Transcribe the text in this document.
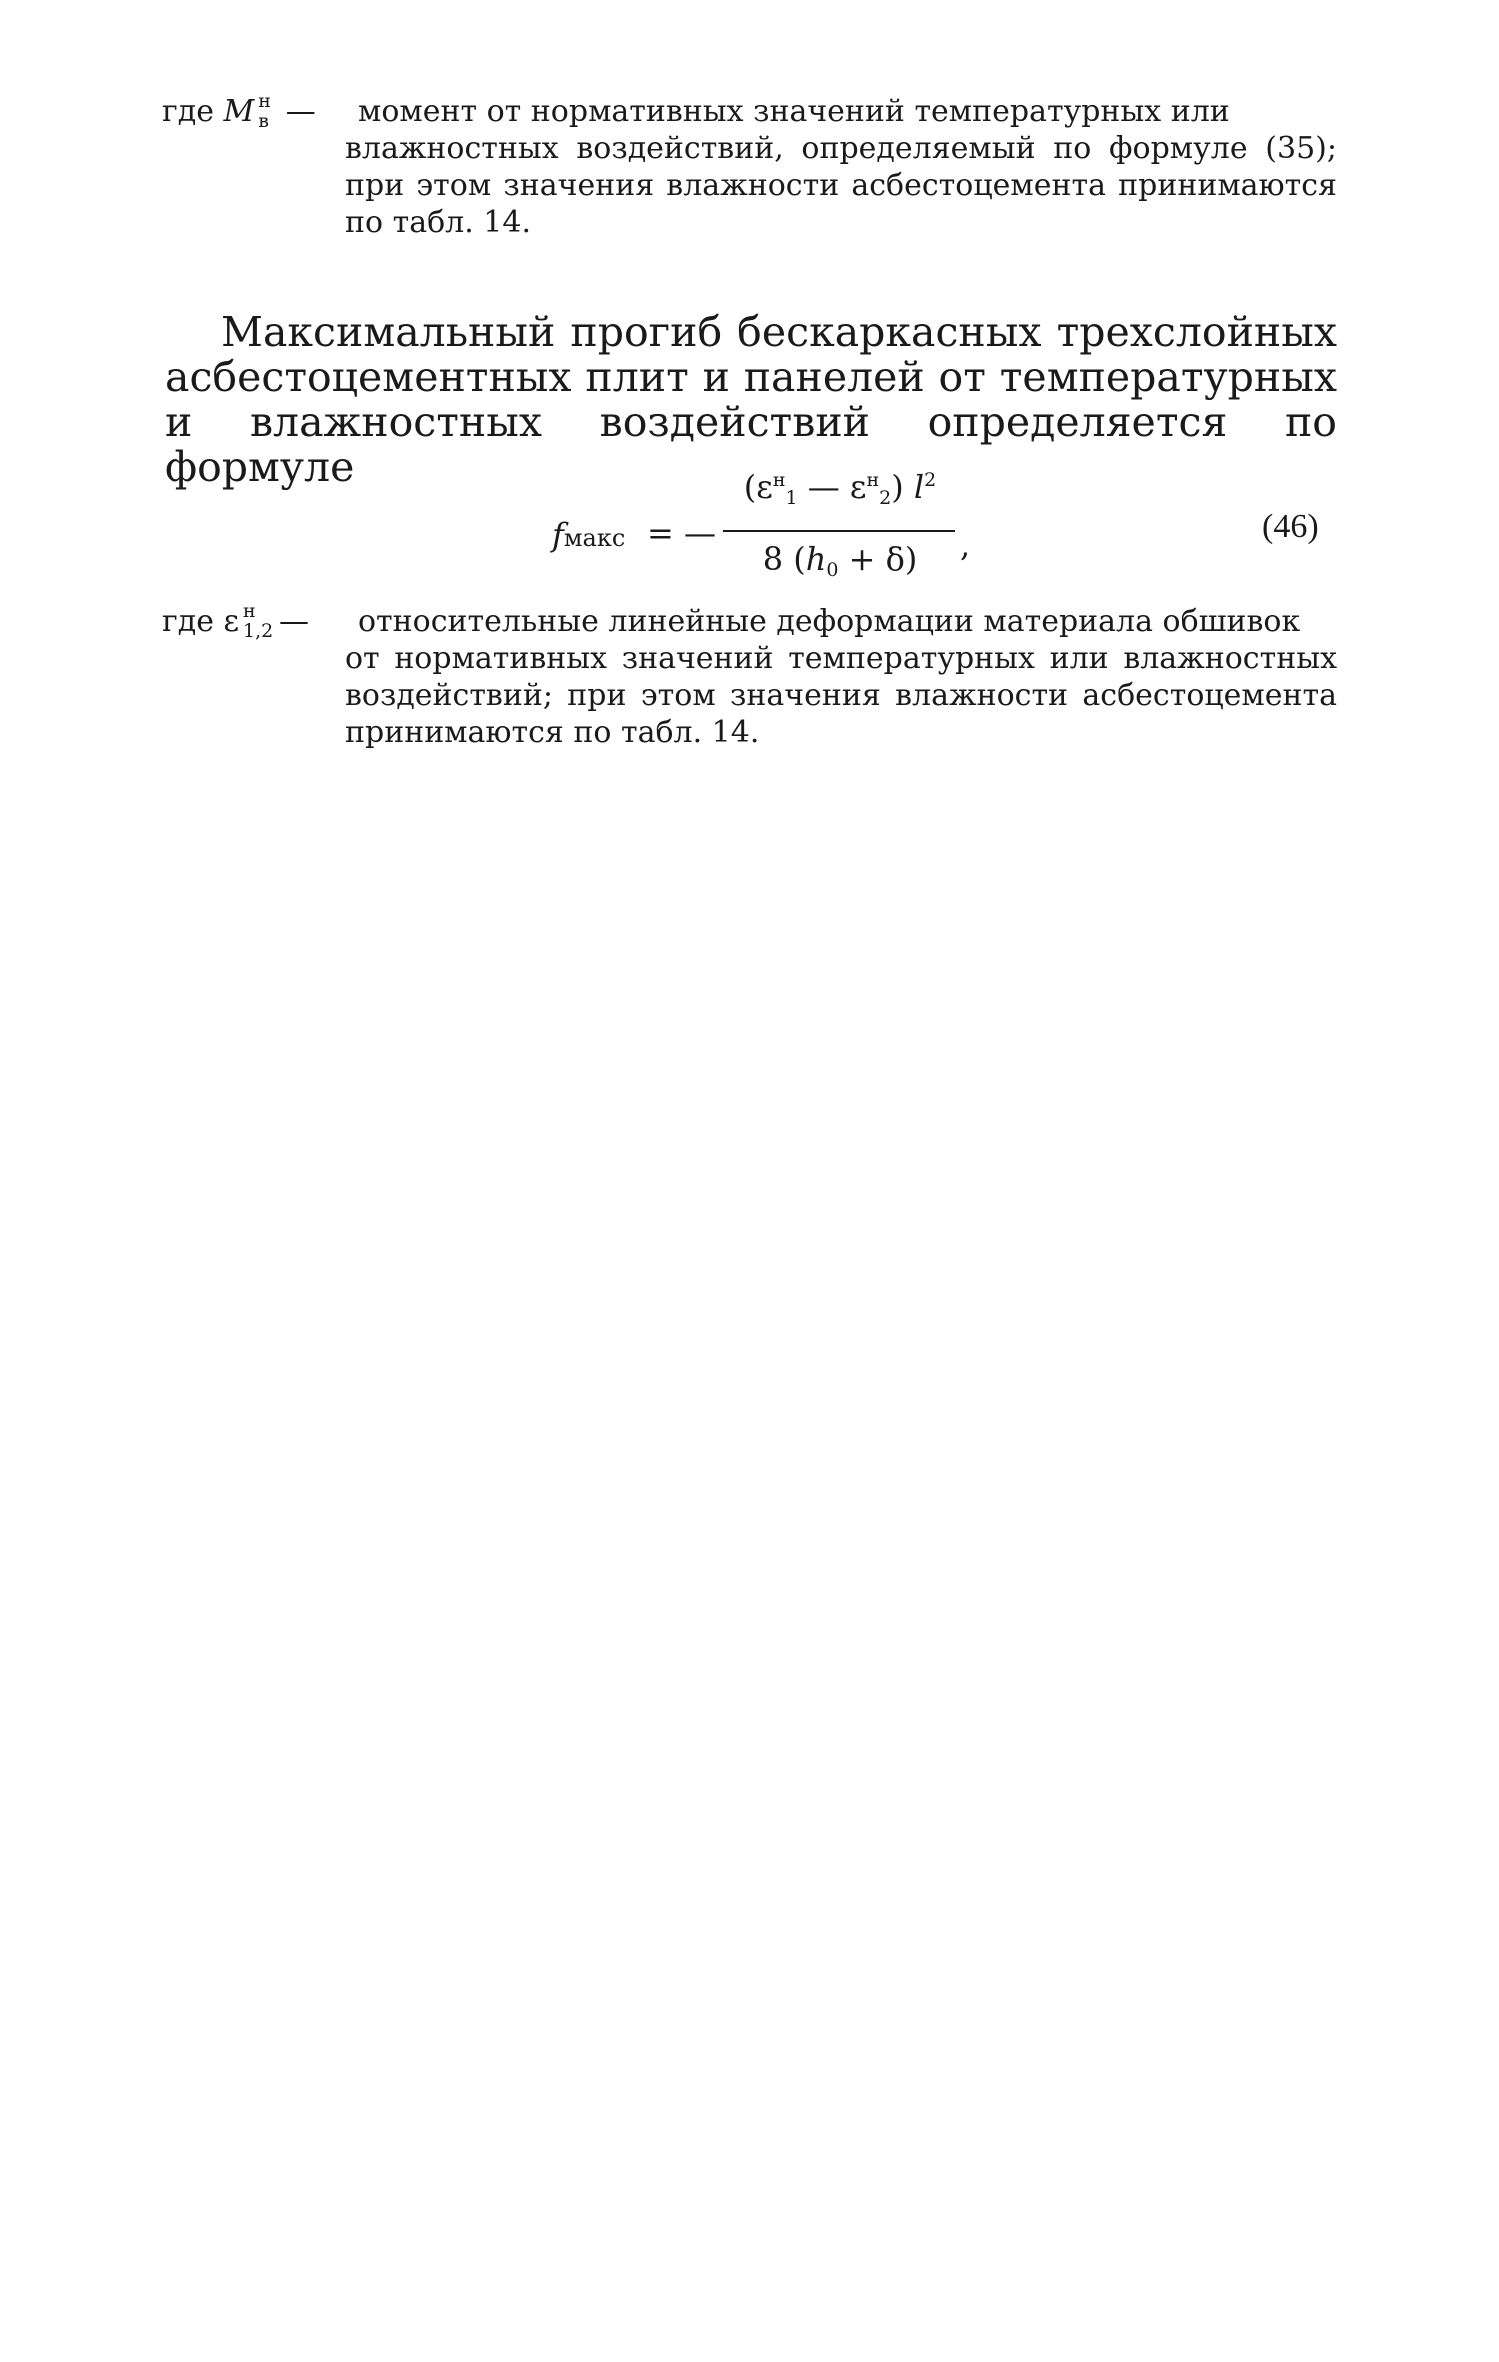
где M н
в —момент от нормативных значений температурных или
влажностных воздействий, определяемый по формуле (35); при этом значения влажности асбестоцемента принимаются по табл. 14.
Максимальный прогиб бескаркасных трехслойных асбестоцементных плит и панелей от температурных и влажностных воздействий определяется по формуле
fмакс = —
($\varepsilon^н1$ — $\varepsilon^н2$) $l^2$
8 (h0 + δ)	,	(46)
где ε н
1,2 — относительные линейные деформации материала обшивок
от нормативных значений температурных или влажностных воздействий; при этом значения влажности асбестоцемента принимаются по табл. 14.
